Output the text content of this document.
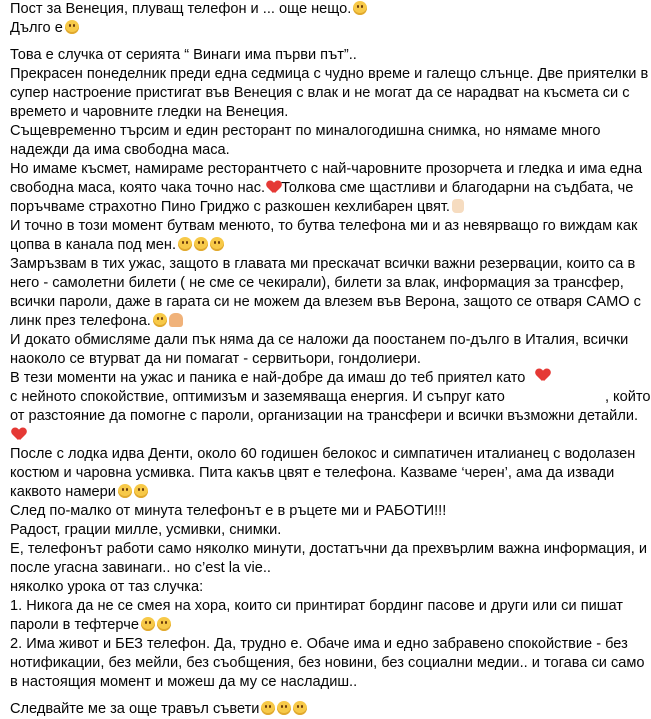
Пост за Венеция, плуващ телефон и ... още нещо.
Дълго е
Това е случка от серията “ Винаги има първи път”..
Прекрасен понеделник преди една седмица с чудно време и галещо слънце. Две приятелки в
супер настроение пристигат във Венеция с влак и не могат да се нарадват на късмета си с
времето и чаровните гледки на Венеция.
Същевременно търсим и един ресторант по миналогодишна снимка, но нямаме много
надежди да има свободна маса.
Но имаме късмет, намираме ресторантчето с най-чаровните прозорчета и гледка и има една
свободна маса, която чака точно нас. Толкова сме щастливи и благодарни на съдбата, че
поръчваме страхотно Пино Гриджо с разкошен кехлибарен цвят.
И точно в този момент бутвам менюто, то бутва телефона ми и аз невярващо го виждам как
цопва в канала под мен.
Замръзвам в тих ужас, защото в главата ми прескачат всички важни резервации, които са в
него - самолетни билети ( не сме се чекирали), билети за влак, информация за трансфер,
всички пароли, даже в гарата си не можем да влезем във Верона, защото се отваря САМО с
линк през телефона.
И докато обмисляме дали пък няма да се наложи да поостанем по-дълго в Италия, всички
наоколо се втурват да ни помагат - сервитьори, гондолиери.
В тези моменти на ужас и паника е най-добре да имаш до теб приятел като
с нейното спокойствие, оптимизъм и заземяваща енергия. И съпруг като	, който
от разстояние да помогне с пароли, организации на трансфери и всички възможни детайли.
После с лодка идва Денти, около 60 годишен белокос и симпатичен италианец с водолазен
костюм и чаровна усмивка. Пита какъв цвят е телефона. Казваме ‘черен’, ама да извади
каквото намери
След по-малко от минута телефонът е в ръцете ми и РАБОТИ!!!
Радост, грации милле, усмивки, снимки.
Е, телефонът работи само няколко минути, достатъчни да прехвърлим важна информация, и
после угасна завинаги.. но c’est la vie..
няколко урока от таз случка:
1. Никога да не се смея на хора, които си принтират бординг пасове и други или си пишат
пароли в тефтерче
2. Има живот и БЕЗ телефон. Да, трудно е. Обаче има и едно забравено спокойствие - без
нотификации, без мейли, без съобщения, без новини, без социални медии.. и тогава си само
в настоящия момент и можеш да му се насладиш..
Следвайте ме за още травъл съвети
